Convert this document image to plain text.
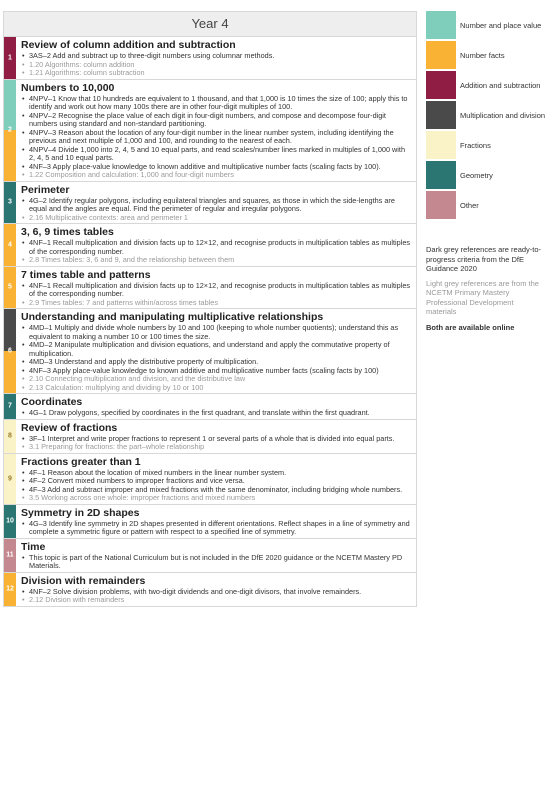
Year 4
1
Review of column addition and subtraction
• 3AS–2 Add and subtract up to three-digit numbers using columnar methods.
• 1.20 Algorithms: column addition
• 1.21 Algorithms: column subtraction
2
Numbers to 10,000
• 4NPV–1 Know that 10 hundreds are equivalent to 1 thousand, and that 1,000 is 10 times the size of 100; apply this to identify and work out how many 100s there are in other four-digit multiples of 100.
• 4NPV–2 Recognise the place value of each digit in four-digit numbers, and compose and decompose four-digit numbers using standard and non-standard partitioning.
• 4NPV–3 Reason about the location of any four-digit number in the linear number system, including identifying the previous and next multiple of 1,000 and 100, and rounding to the nearest of each.
• 4NPV–4 Divide 1,000 into 2, 4, 5 and 10 equal parts, and read scales/number lines marked in multiples of 1,000 with 2, 4, 5 and 10 equal parts.
• 4NF–3 Apply place-value knowledge to known additive and multiplicative number facts (scaling facts by 100).
• 1.22 Composition and calculation: 1,000 and four-digit numbers
3
Perimeter
• 4G–2 Identify regular polygons, including equilateral triangles and squares, as those in which the side-lengths are equal and the angles are equal. Find the perimeter of regular and irregular polygons.
• 2.16 Multiplicative contexts: area and perimeter 1
4
3, 6, 9 times tables
• 4NF–1 Recall multiplication and division facts up to 12×12, and recognise products in multiplication tables as multiples of the corresponding number.
• 2.8 Times tables: 3, 6 and 9, and the relationship between them
5
7 times table and patterns
• 4NF–1 Recall multiplication and division facts up to 12×12, and recognise products in multiplication tables as multiples of the corresponding number.
• 2.9 Times tables: 7 and patterns within/across times tables
6
Understanding and manipulating multiplicative relationships
• 4MD–1 Multiply and divide whole numbers by 10 and 100 (keeping to whole number quotients); understand this as equivalent to making a number 10 or 100 times the size.
• 4MD–2 Manipulate multiplication and division equations, and understand and apply the commutative property of multiplication.
• 4MD–3 Understand and apply the distributive property of multiplication.
• 4NF–3 Apply place-value knowledge to known additive and multiplicative number facts (scaling facts by 100)
• 2.10 Connecting multiplication and division, and the distributive law
• 2.13 Calculation: multiplying and dividing by 10 or 100
7 Coordinates
• 4G–1 Draw polygons, specified by coordinates in the first quadrant, and translate within the first quadrant.
8
Review of fractions
• 3F–1 Interpret and write proper fractions to represent 1 or several parts of a whole that is divided into equal parts.
• 3.1 Preparing for fractions: the part–whole relationship
9
Fractions greater than 1
• 4F–1 Reason about the location of mixed numbers in the linear number system.
• 4F–2 Convert mixed numbers to improper fractions and vice versa.
• 4F–3 Add and subtract improper and mixed fractions with the same denominator, including bridging whole numbers.
• 3.5 Working across one whole: improper fractions and mixed numbers
10
Symmetry in 2D shapes
• 4G–3 Identify line symmetry in 2D shapes presented in different orientations. Reflect shapes in a line of symmetry and complete a symmetric figure or pattern with respect to a specified line of symmetry.
11
Time
• This topic is part of the National Curriculum but is not included in the DfE 2020 guidance or the NCETM Mastery PD Materials.
12
Division with remainders
• 4NF–2 Solve division problems, with two-digit dividends and one-digit divisors, that involve remainders.
• 2.12 Division with remainders
Number and place value
Number facts
Addition and subtraction
Multiplication and division
Fractions
Geometry
Other
Dark grey references are ready-to-progress criteria from the DfE Guidance 2020
Light grey references are from the NCETM Primary Mastery Professional Development materials
Both are available online
